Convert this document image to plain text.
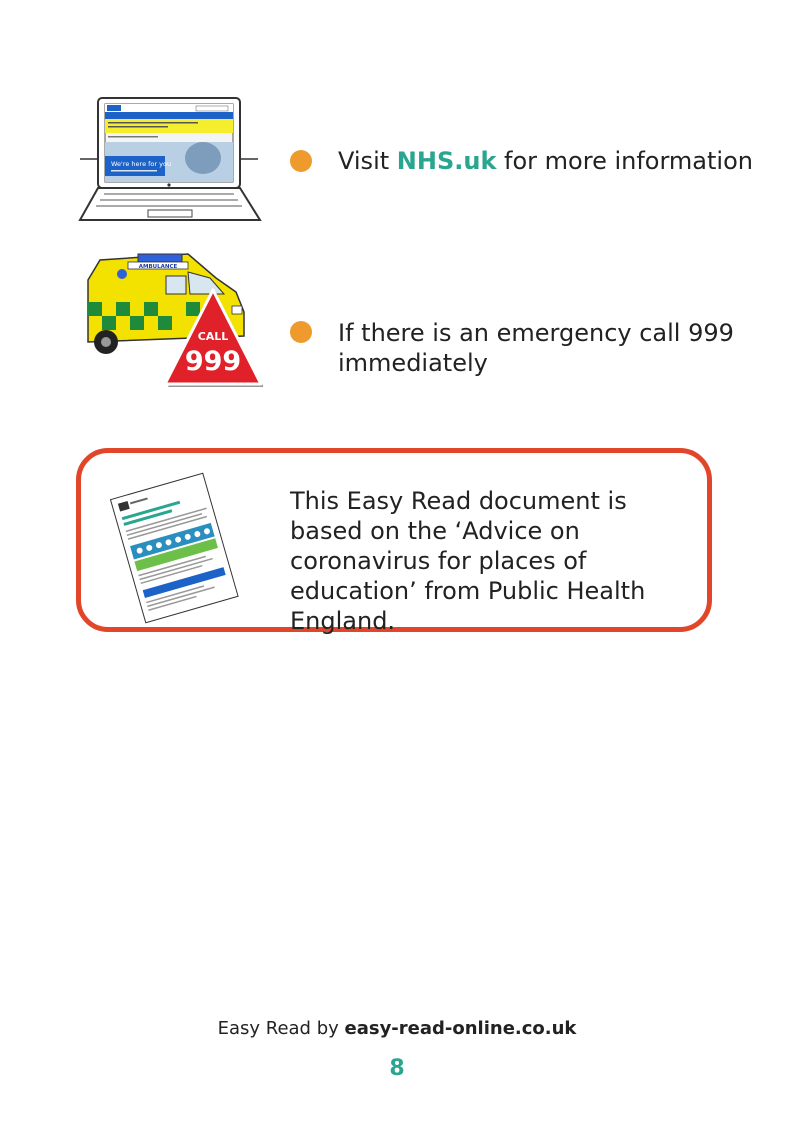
We're here for you	Visit NHS.uk for more information
AMBULANCE
CALL
999
If there is an emergency call 999 immediately
This Easy Read document is based on the ‘Advice on coronavirus for places of education’ from Public Health England.
Easy Read by easy-read-online.co.uk
8
